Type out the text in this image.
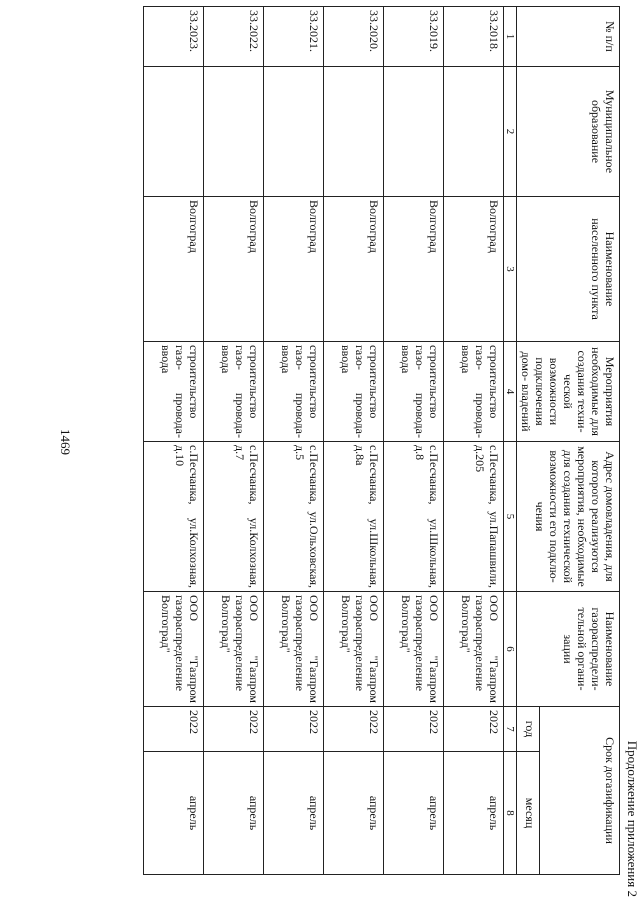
1469
Продолжение приложения 2
№ п/п	Муниципальное образование	Наименование населенного пункта	Мероприятия необходимые для создания техни- ческой возможности подключения домо- владений	Адрес домовладения, для которого реализуются мероприятия, необходимые для создания технической возможности его подклю- чения	Наименование газораспредели- тельной органи- зации	Срок догазификации	
						год	месяц
1	2	3	4	5	6	7	8
33.2018.		Волгоград	строительство газо- провода-ввода	с.Песчанка, ул.Папашвили, д.205	ООО "Газпром газораспределение Волгоград"	2022	апрель
33.2019.		Волгоград	строительство газо- провода-ввода	с.Песчанка, ул.Школьная, д.8	ООО "Газпром газораспределение Волгоград"	2022	апрель
33.2020.		Волгоград	строительство газо- провода-ввода	с.Песчанка, ул.Школьная, д.8а	ООО "Газпром газораспределение Волгоград"	2022	апрель
33.2021.		Волгоград	строительство газо- провода-ввода	с.Песчанка, ул.Ольховская, д.5	ООО "Газпром газораспределение Волгоград"	2022	апрель
33.2022.		Волгоград	строительство газо- провода-ввода	с.Песчанка, ул.Колхозная, д.7	ООО "Газпром газораспределение Волгоград"	2022	апрель
33.2023.		Волгоград	строительство газо- провода-ввода	с.Песчанка, ул.Колхозная, д.10	ООО "Газпром газораспределение Волгоград"	2022	апрель
